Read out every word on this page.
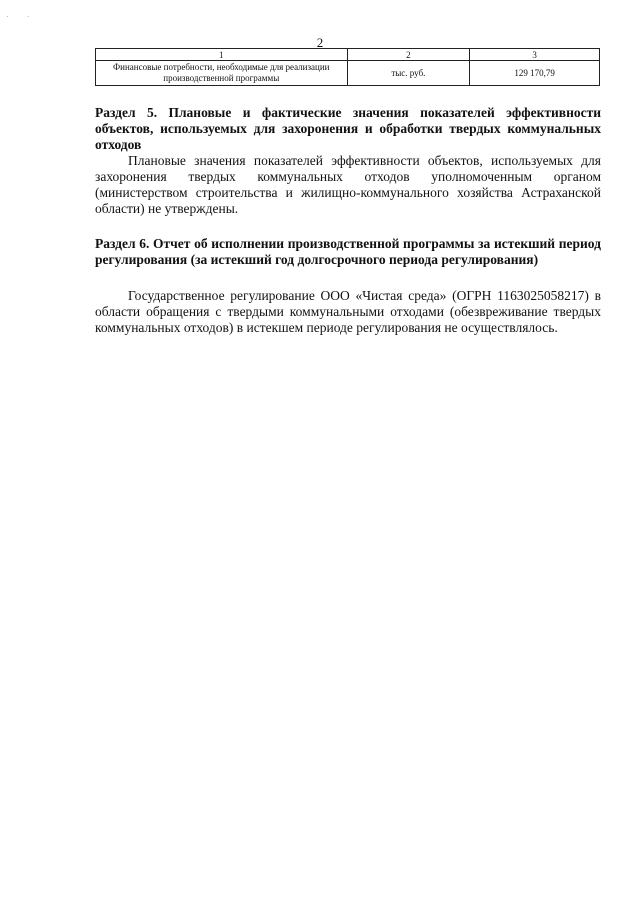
· ·
2
1	2	3
Финансовые потребности, необходимые для реализации производственной программы	тыс. руб.	129 170,79
Раздел 5. Плановые и фактические значения показателей эффективности объектов, используемых для захоронения и обработки твердых коммунальных отходов
Плановые значения показателей эффективности объектов, используемых для захоронения твердых коммунальных отходов уполномоченным органом (министерством строительства и жилищно-коммунального хозяйства Астраханской области) не утверждены.
Раздел 6. Отчет об исполнении производственной программы за истекший период регулирования (за истекший год долгосрочного периода регулирования)
Государственное регулирование ООО «Чистая среда» (ОГРН 1163025058217) в области обращения с твердыми коммунальными отходами (обезвреживание твердых коммунальных отходов) в истекшем периоде регулирования не осуществлялось.
